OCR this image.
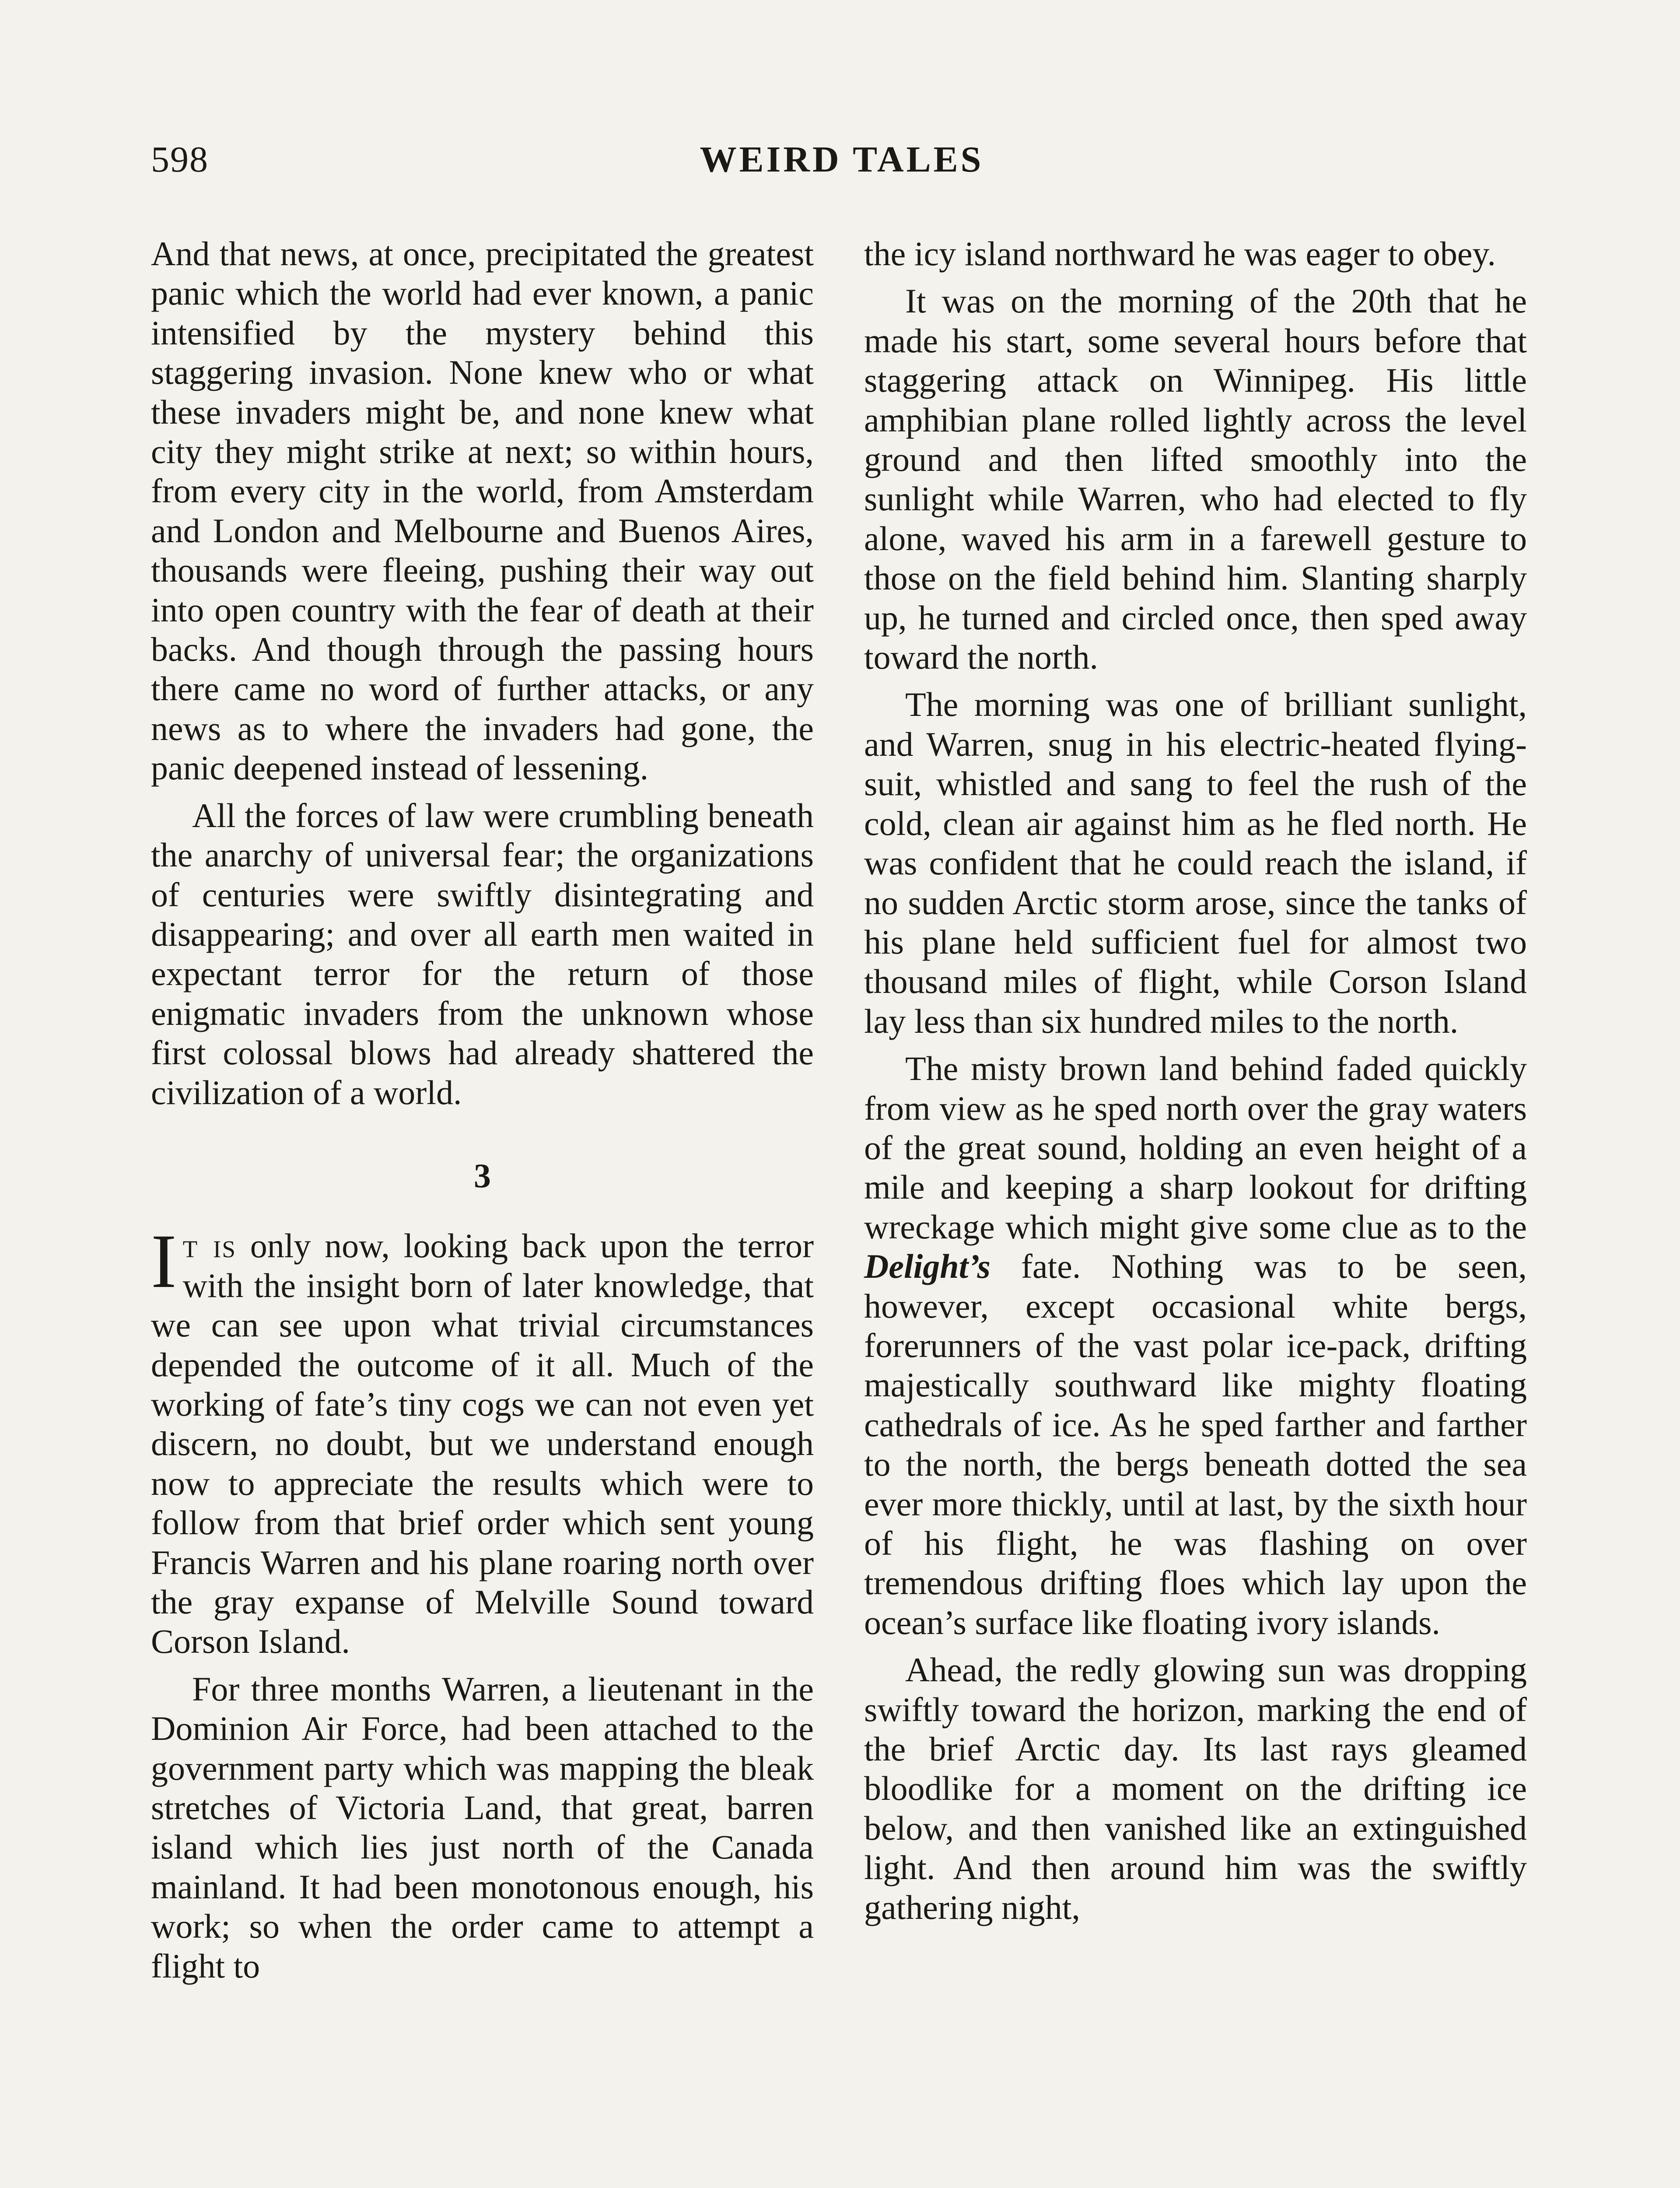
598	WEIRD TALES

And that news, at once, precipitated the greatest panic which the world had ever known, a panic intensified by the mystery behind this staggering invasion. None knew who or what these invaders might be, and none knew what city they might strike at next; so within hours, from every city in the world, from Amsterdam and London and Melbourne and Buenos Aires, thousands were fleeing, pushing their way out into open country with the fear of death at their backs. And though through the passing hours there came no word of further attacks, or any news as to where the invaders had gone, the panic deepened instead of lessening.

All the forces of law were crumbling beneath the anarchy of universal fear; the organizations of centuries were swiftly disintegrating and disappearing; and over all earth men waited in expectant terror for the return of those enigmatic invaders from the unknown whose first colossal blows had already shattered the civilization of a world.

3

It is only now, looking back upon the terror with the insight born of later knowledge, that we can see upon what trivial circumstances depended the outcome of it all. Much of the working of fate’s tiny cogs we can not even yet discern, no doubt, but we understand enough now to appreciate the results which were to follow from that brief order which sent young Francis Warren and his plane roaring north over the gray expanse of Melville Sound toward Corson Island.

For three months Warren, a lieutenant in the Dominion Air Force, had been attached to the government party which was mapping the bleak stretches of Victoria Land, that great, barren island which lies just north of the Canada mainland. It had been monotonous enough, his work; so when the order came to attempt a flight to

the icy island northward he was eager to obey.

It was on the morning of the 20th that he made his start, some several hours before that staggering attack on Winnipeg. His little amphibian plane rolled lightly across the level ground and then lifted smoothly into the sunlight while Warren, who had elected to fly alone, waved his arm in a farewell gesture to those on the field behind him. Slanting sharply up, he turned and circled once, then sped away toward the north.

The morning was one of brilliant sunlight, and Warren, snug in his electric-heated flying-suit, whistled and sang to feel the rush of the cold, clean air against him as he fled north. He was confident that he could reach the island, if no sudden Arctic storm arose, since the tanks of his plane held sufficient fuel for almost two thousand miles of flight, while Corson Island lay less than six hundred miles to the north.

The misty brown land behind faded quickly from view as he sped north over the gray waters of the great sound, holding an even height of a mile and keeping a sharp lookout for drifting wreckage which might give some clue as to the Delight’s fate. Nothing was to be seen, however, except occasional white bergs, forerunners of the vast polar ice-pack, drifting majestically southward like mighty floating cathedrals of ice. As he sped farther and farther to the north, the bergs beneath dotted the sea ever more thickly, until at last, by the sixth hour of his flight, he was flashing on over tremendous drifting floes which lay upon the ocean’s surface like floating ivory islands.

Ahead, the redly glowing sun was dropping swiftly toward the horizon, marking the end of the brief Arctic day. Its last rays gleamed bloodlike for a moment on the drifting ice below, and then vanished like an extinguished light. And then around him was the swiftly gathering night,
